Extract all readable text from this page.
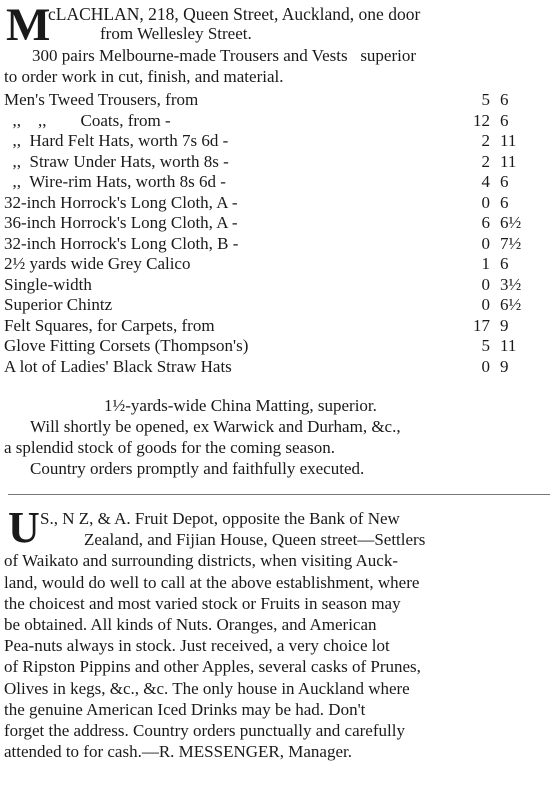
M
cLACHLAN, 218, Queen Street, Auckland, one door
from Wellesley Street.
300 pairs Melbourne-made Trousers and Vests   superior
to order work in cut, finish, and material.
Men's Tweed Trousers, from	5 6
,,    ,,        Coats, from -	12 6
,,  Hard Felt Hats, worth 7s 6d -	2 11
,,  Straw Under Hats, worth 8s -	2 11
,,  Wire-rim Hats, worth 8s 6d -	4 6
32-inch Horrock's Long Cloth, A -	0 6
36-inch Horrock's Long Cloth, A -	6 6½
32-inch Horrock's Long Cloth, B -	0 7½
2½ yards wide Grey Calico	1 6
Single-width	0 3½
Superior Chintz	0 6½
Felt Squares, for Carpets, from	17 9
Glove Fitting Corsets (Thompson's)	5 11
A lot of Ladies' Black Straw Hats	0 9
1½-yards-wide China Matting, superior.
Will shortly be opened, ex Warwick and Durham, &c.,
a splendid stock of goods for the coming season.
Country orders promptly and faithfully executed.
U S., N Z, & A. Fruit Depot, opposite the Bank of New
Zealand, and Fijian House, Queen street—Settlers
of Waikato and surrounding districts, when visiting Auck-
land, would do well to call at the above establishment, where
the choicest and most varied stock or Fruits in season may
be obtained. All kinds of Nuts. Oranges, and American
Pea-nuts always in stock. Just received, a very choice lot
of Ripston Pippins and other Apples, several casks of Prunes,
Olives in kegs, &c., &c. The only house in Auckland where
the genuine American Iced Drinks may be had. Don't
forget the address. Country orders punctually and carefully
attended to for cash.—R. MESSENGER, Manager.
